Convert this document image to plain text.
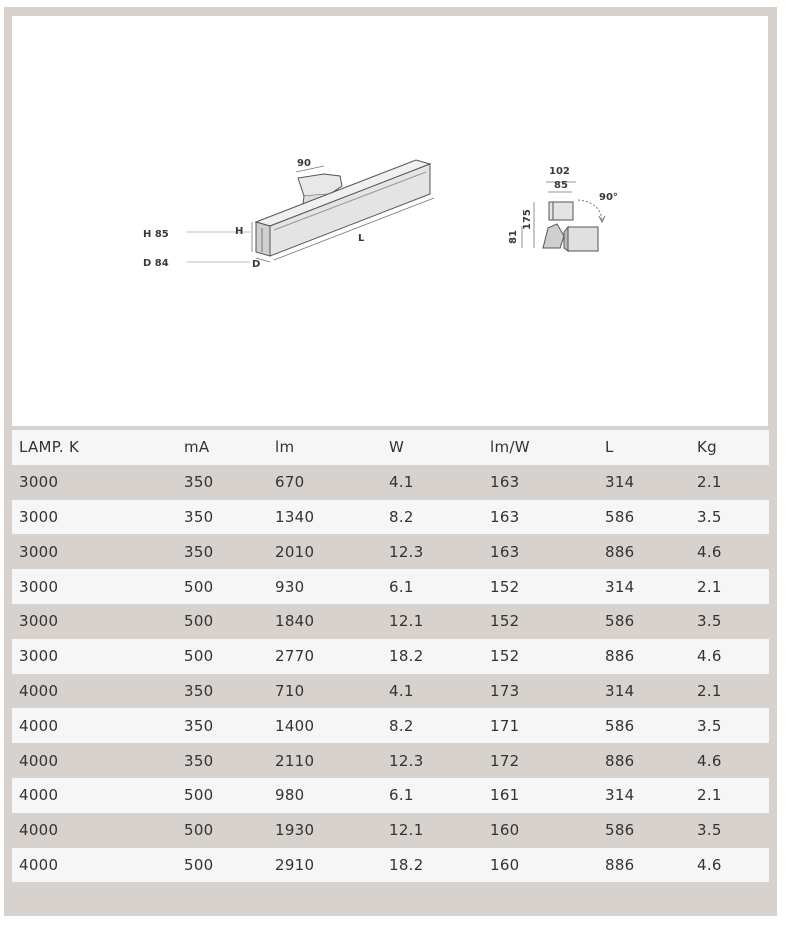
H 85
D 84
H
D
L
90
102
85
90°
175
81
LAMP. K	mA	lm	W	lm/W	L	Kg
3000	350	670	4.1	163	314	2.1
3000	350	1340	8.2	163	586	3.5
3000	350	2010	12.3	163	886	4.6
3000	500	930	6.1	152	314	2.1
3000	500	1840	12.1	152	586	3.5
3000	500	2770	18.2	152	886	4.6
4000	350	710	4.1	173	314	2.1
4000	350	1400	8.2	171	586	3.5
4000	350	2110	12.3	172	886	4.6
4000	500	980	6.1	161	314	2.1
4000	500	1930	12.1	160	586	3.5
4000	500	2910	18.2	160	886	4.6
